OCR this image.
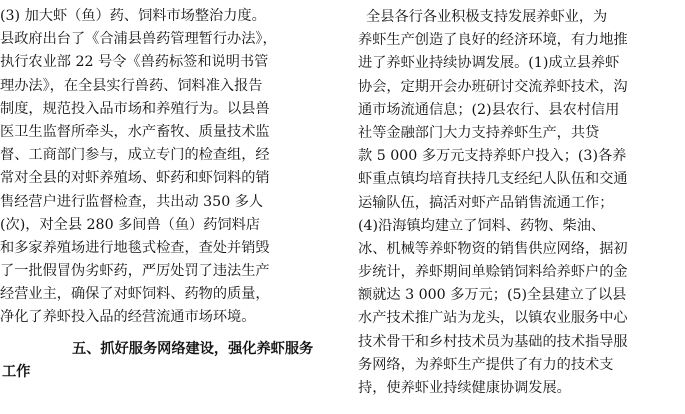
(3) 加大虾（鱼）药、饲料市场整治力度。
县政府出台了《合浦县兽药管理暂行办法》，
执行农业部 22 号令《兽药标签和说明书管
理办法》，在全县实行兽药、饲料准入报告
制度，规范投入品市场和养殖行为。以县兽
医卫生监督所牵头，水产畜牧、质量技术监
督、工商部门参与，成立专门的检查组，经
常对全县的对虾养殖场、虾药和虾饲料的销
售经营户进行监督检查，共出动 350 多人
(次)，对全县 280 多间兽（鱼）药饲料店
和多家养殖场进行地毯式检查，查处并销毁
了一批假冒伪劣虾药，严厉处罚了违法生产
经营业主，确保了对虾饲料、药物的质量，
净化了养虾投入品的经营流通市场环境。
五、抓好服务网络建设，强化养虾服务
工作
全县各行各业积极支持发展养虾业，为
养虾生产创造了良好的经济环境，有力地推
进了养虾业持续协调发展。(1)成立县养虾
协会，定期开会办班研讨交流养虾技术，沟
通市场流通信息；(2)县农行、县农村信用
社等金融部门大力支持养虾生产，共贷
款 5 000 多万元支持养虾户投入；(3)各养
虾重点镇均培育扶持几支经纪人队伍和交通
运输队伍，搞活对虾产品销售流通工作；
(4)沿海镇均建立了饲料、药物、柴油、
冰、机械等养虾物资的销售供应网络，据初
步统计，养虾期间单赊销饲料给养虾户的金
额就达 3 000 多万元；(5)全县建立了以县
水产技术推广站为龙头，以镇农业服务中心
技术骨干和乡村技术员为基础的技术指导服
务网络，为养虾生产提供了有力的技术支
持，使养虾业持续健康协调发展。
